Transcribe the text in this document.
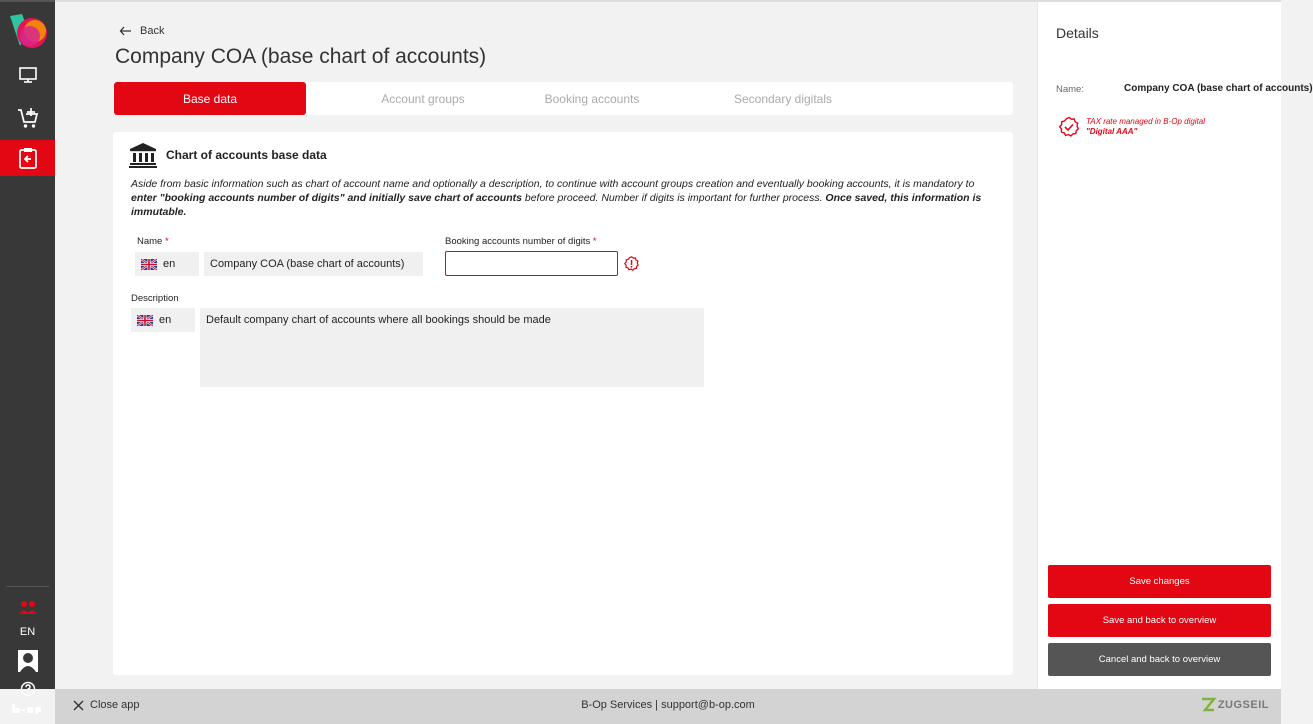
EN
Back
Company COA (base chart of accounts)
Base data	Account groups	Booking accounts	Secondary digitals
Chart of accounts base data
Aside from basic information such as chart of account name and optionally a description, to continue with account groups creation and eventually booking accounts, it is mandatory to enter "booking accounts number of digits" and initially save chart of accounts before proceed. Number if digits is important for further process. Once saved, this information is immutable.
Name *
en	Company COA (base chart of accounts)
Booking accounts number of digits *
Description
en	Default company chart of accounts where all bookings should be made
Details
Name:	Company COA (base chart of accounts)
TAX rate managed in B-Op digital
"Digital AAA"
Save changes
Save and back to overview
Cancel and back to overview
Close app	B-Op Services | support@b-op.com	ZUGSEIL
